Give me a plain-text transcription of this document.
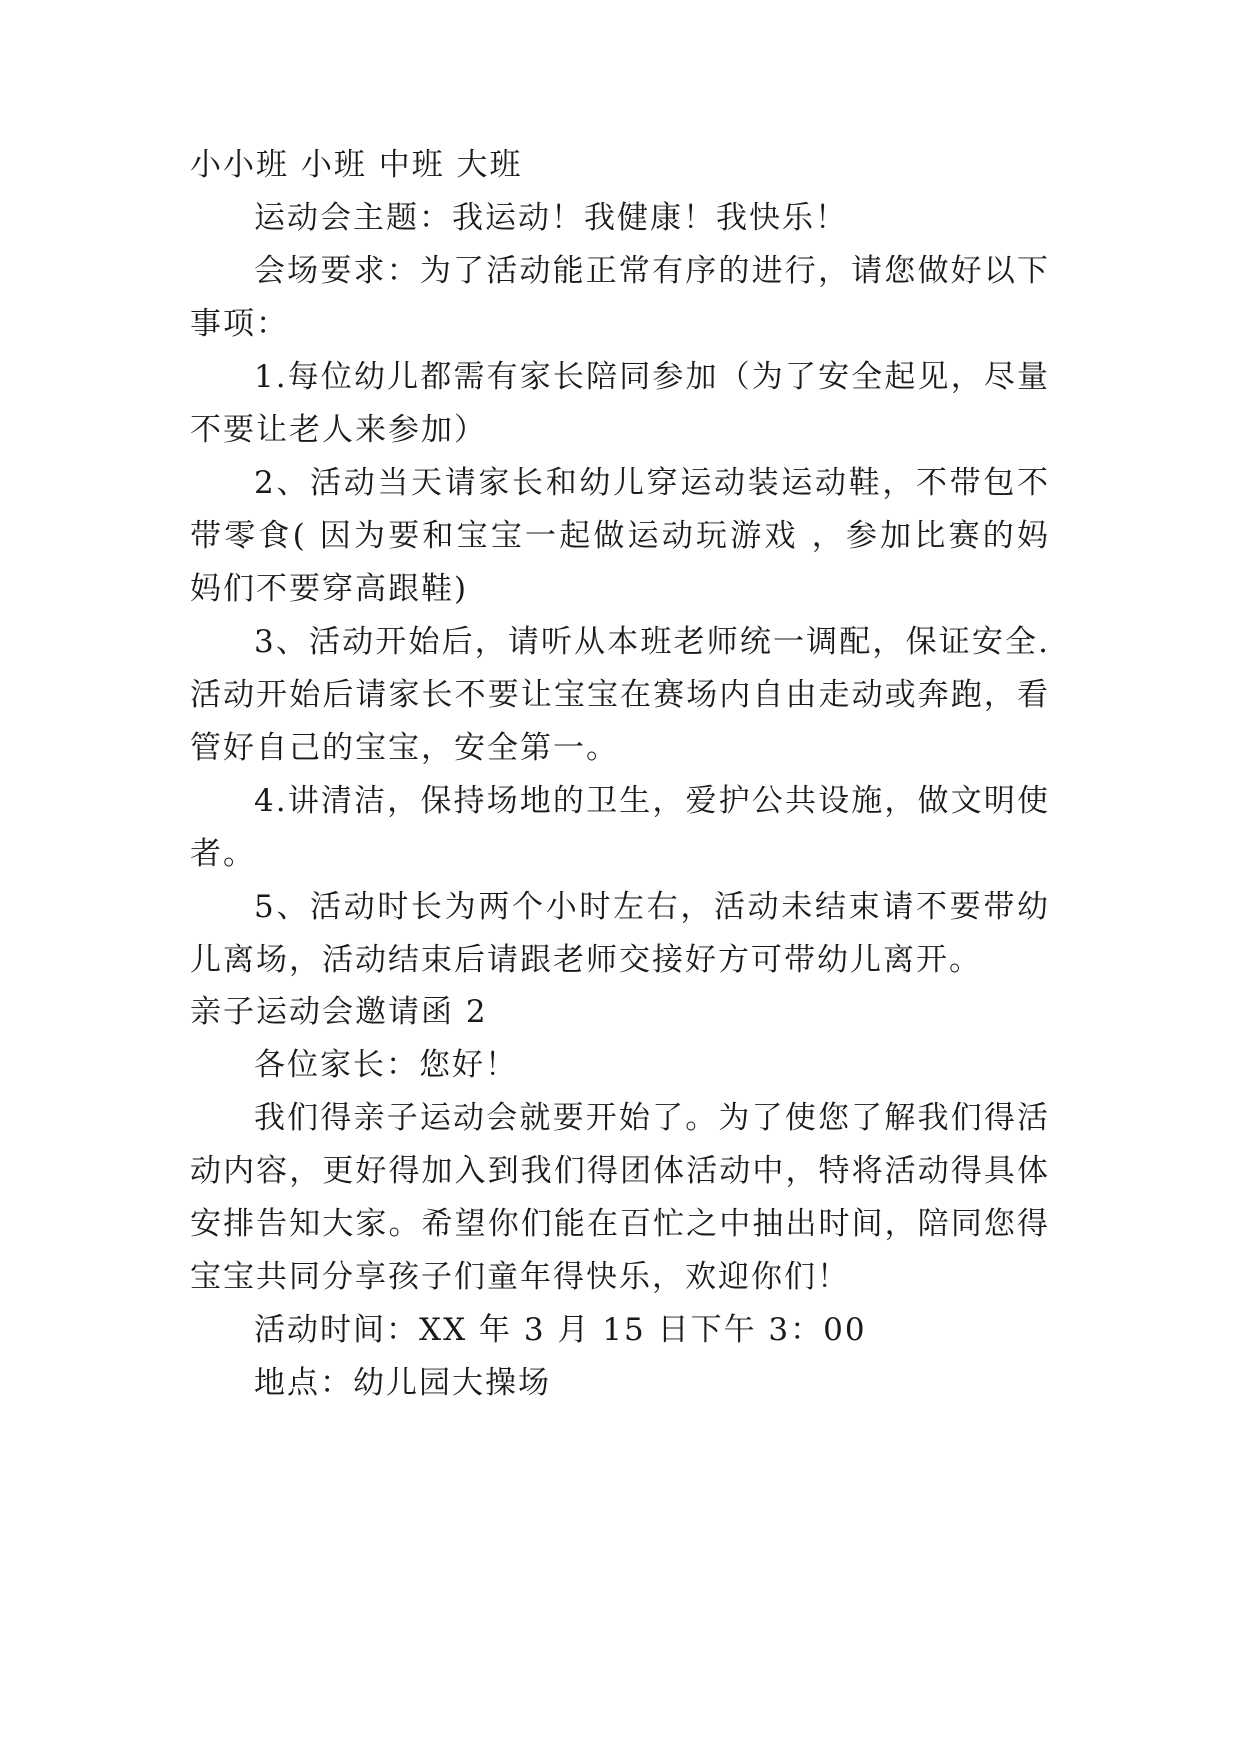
小小班 小班 中班 大班
运动会主题：我运动！我健康！我快乐！
会场要求：为了活动能正常有序的进行，请您做好以下
事项：
1.每位幼儿都需有家长陪同参加（为了安全起见，尽量
不要让老人来参加）
2、活动当天请家长和幼儿穿运动装运动鞋，不带包不
带零食( 因为要和宝宝一起做运动玩游戏 ，参加比赛的妈
妈们不要穿高跟鞋)
3、活动开始后，请听从本班老师统一调配，保证安全.
活动开始后请家长不要让宝宝在赛场内自由走动或奔跑，看
管好自己的宝宝，安全第一。
4.讲清洁，保持场地的卫生，爱护公共设施，做文明使
者。
5、活动时长为两个小时左右，活动未结束请不要带幼
儿离场，活动结束后请跟老师交接好方可带幼儿离开。
亲子运动会邀请函 2
各位家长：您好！
我们得亲子运动会就要开始了。为了使您了解我们得活
动内容，更好得加入到我们得团体活动中，特将活动得具体
安排告知大家。希望你们能在百忙之中抽出时间，陪同您得
宝宝共同分享孩子们童年得快乐，欢迎你们！
活动时间：XX 年 3 月 15 日下午 3：00
地点：幼儿园大操场
